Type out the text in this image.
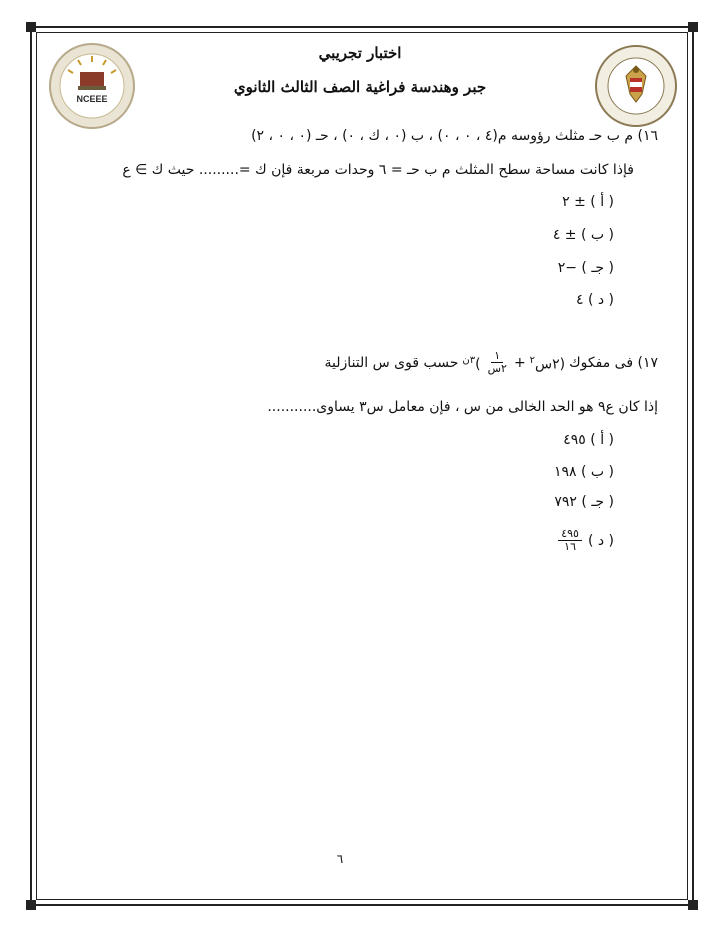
NCEEE
اختبار تجريبي
جبر وهندسة فراغية الصف الثالث الثانوي
١٦) م ب حـ مثلث رؤوسه م(٤ ، ٠ ، ٠) ، ب (٠ ، ك ، ٠) ، حـ (٠ ، ٠ ، ٢)
فإذا كانت مساحة سطح المثلث م ب حـ = ٦ وحدات مربعة فإن ك =......... حيث ك ∋ ع
( أ ) ± ٢
( ب ) ± ٤
( جـ ) −٢
( د ) ٤
١٧) فى مفكوك
(٢س$^٢$
+
$\frac{١}{\text{٢س}}$
)$^{٣ن}$
حسب قوى س التنازلية
إذا كان ع٩ هو الحد الخالى من س ، فإن معامل س٣ يساوى...........
( أ ) ٤٩٥
( ب ) ١٩٨
( جـ ) ٧٩٢
( د )
$\frac{٤٩٥}{١٦}$
٦
